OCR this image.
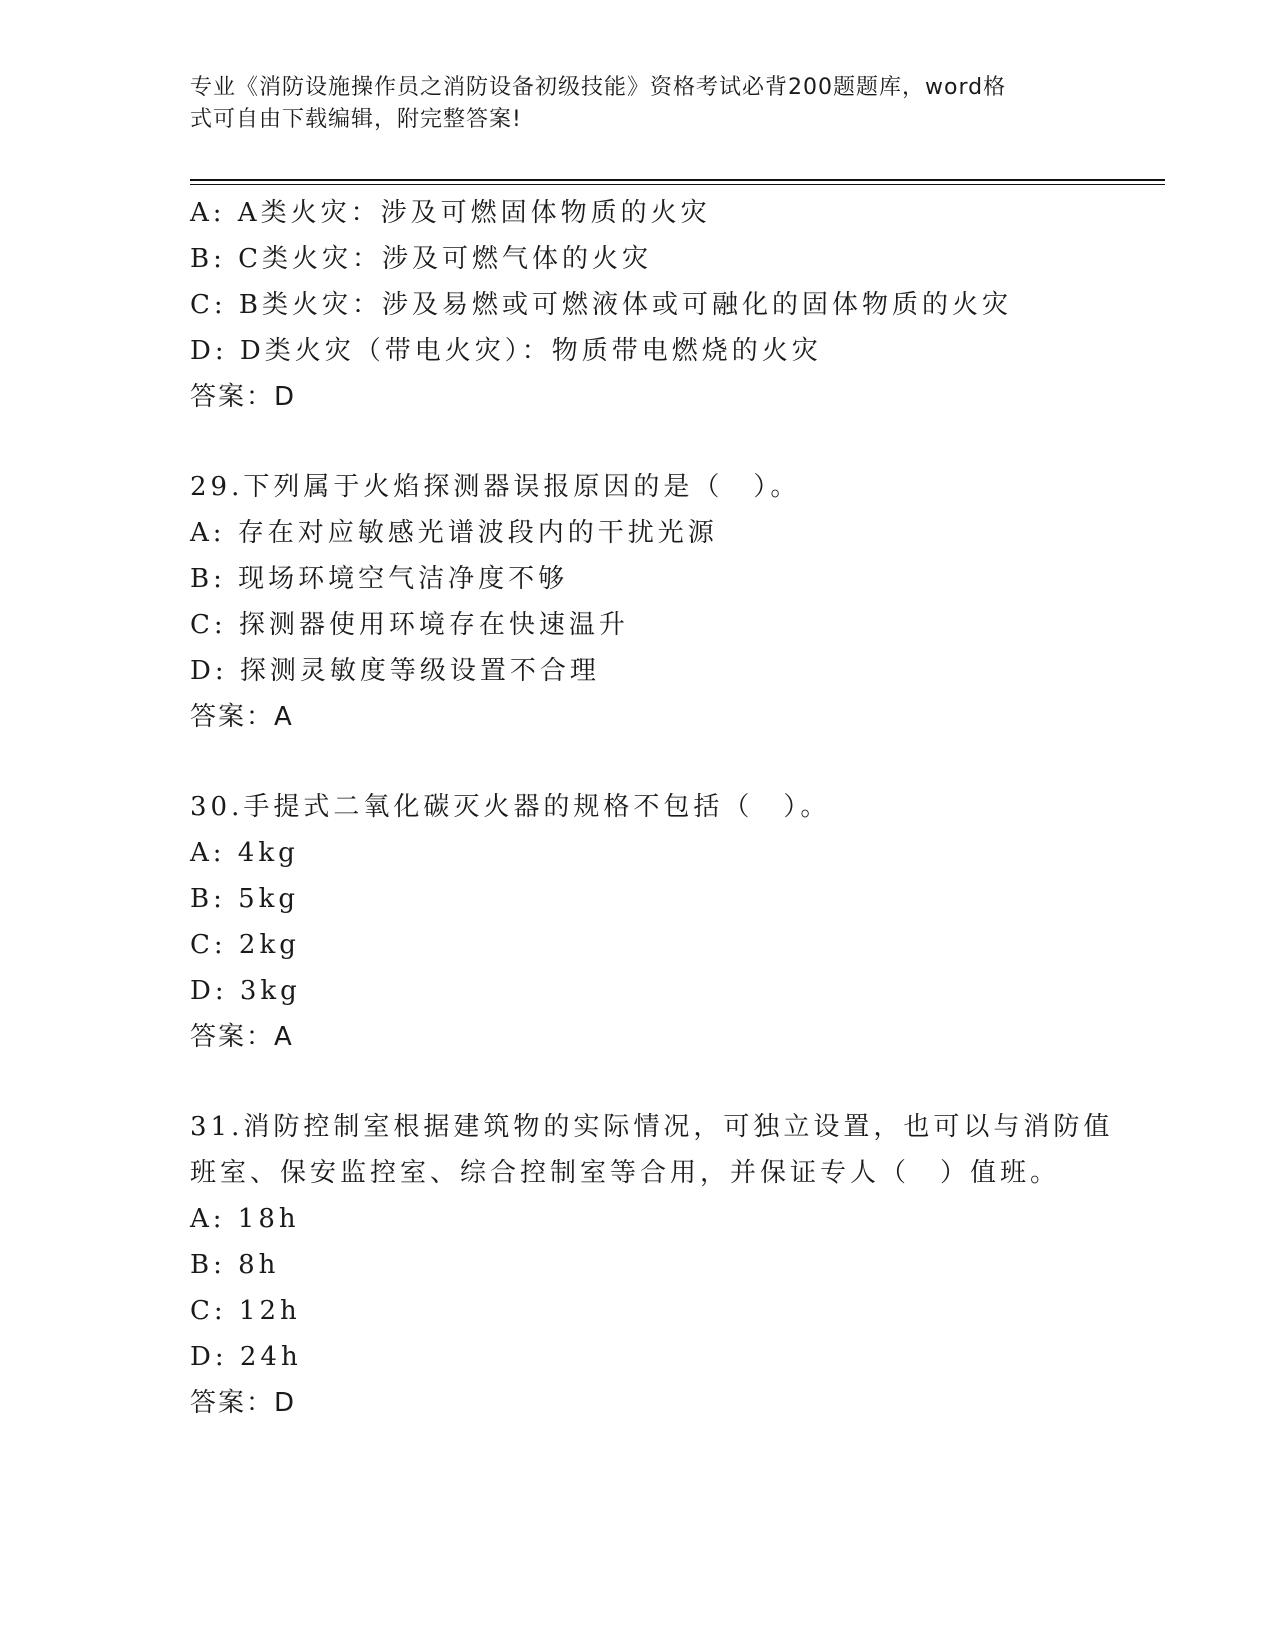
专业《消防设施操作员之消防设备初级技能》资格考试必背200题题库，word格
式可自由下载编辑，附完整答案!
A: A类火灾：涉及可燃固体物质的火灾
B: C类火灾：涉及可燃气体的火灾
C: B类火灾：涉及易燃或可燃液体或可融化的固体物质的火灾
D: D类火灾（带电火灾）：物质带电燃烧的火灾
答案：D
29.下列属于火焰探测器误报原因的是（　）。
A: 存在对应敏感光谱波段内的干扰光源
B: 现场环境空气洁净度不够
C: 探测器使用环境存在快速温升
D: 探测灵敏度等级设置不合理
答案：A
30.手提式二氧化碳灭火器的规格不包括（　）。
A: 4kg
B: 5kg
C: 2kg
D: 3kg
答案：A
31.消防控制室根据建筑物的实际情况，可独立设置，也可以与消防值
班室、保安监控室、综合控制室等合用，并保证专人（　）值班。
A: 18h
B: 8h
C: 12h
D: 24h
答案：D
